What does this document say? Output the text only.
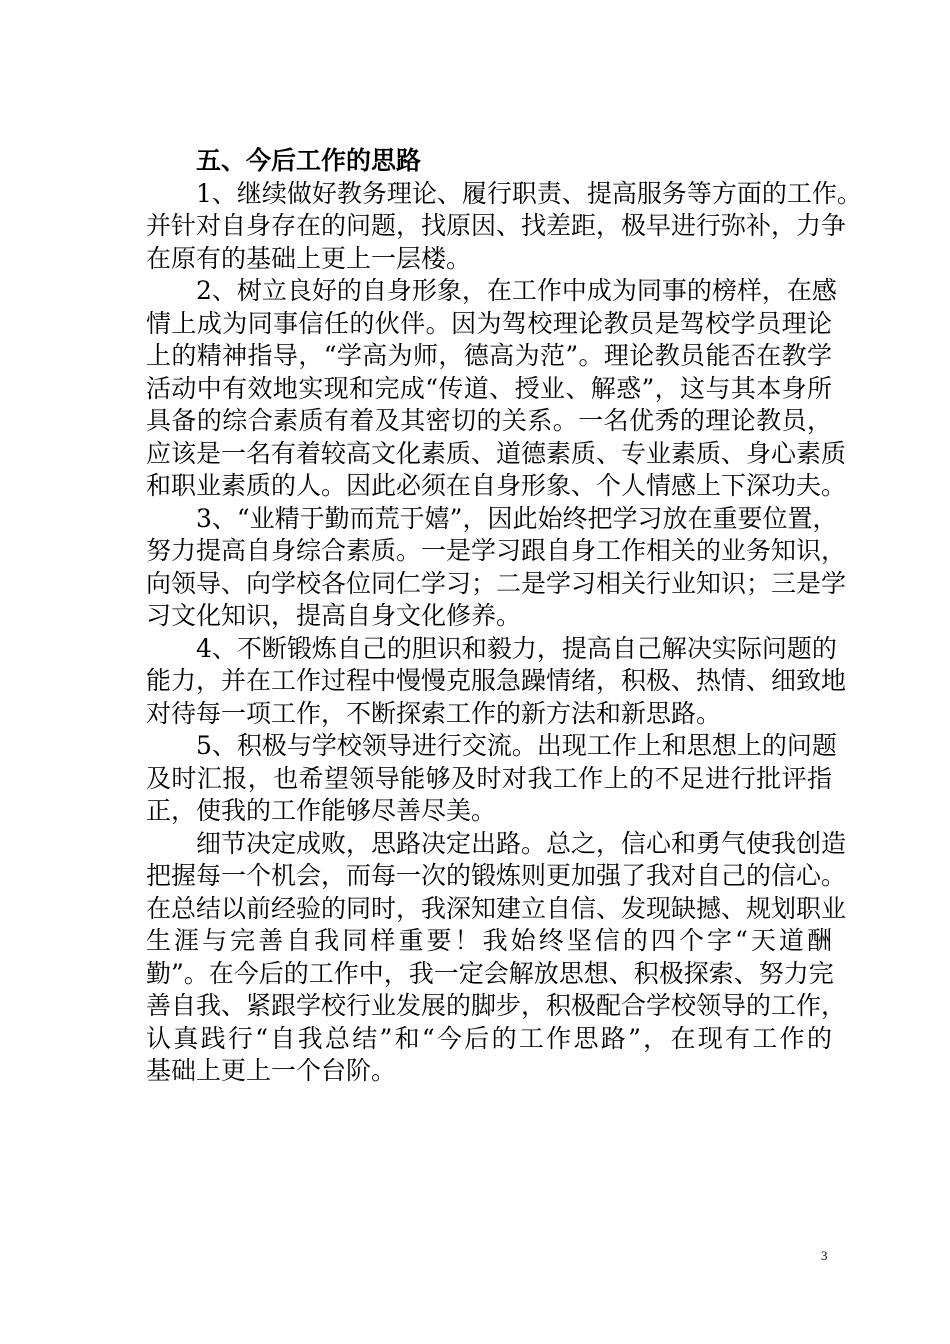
五、今后工作的思路
1、继续做好教务理论、履行职责、提高服务等方面的工作。
并针对自身存在的问题，找原因、找差距，极早进行弥补，力争
在原有的基础上更上一层楼。
2、树立良好的自身形象，在工作中成为同事的榜样，在感
情上成为同事信任的伙伴。因为驾校理论教员是驾校学员理论
上的精神指导，“学高为师，德高为范”。理论教员能否在教学
活动中有效地实现和完成“传道、授业、解惑”，这与其本身所
具备的综合素质有着及其密切的关系。一名优秀的理论教员，
应该是一名有着较高文化素质、道德素质、专业素质、身心素质
和职业素质的人。因此必须在自身形象、个人情感上下深功夫。
3、“业精于勤而荒于嬉”，因此始终把学习放在重要位置，
努力提高自身综合素质。一是学习跟自身工作相关的业务知识，
向领导、向学校各位同仁学习；二是学习相关行业知识；三是学
习文化知识，提高自身文化修养。
4、不断锻炼自己的胆识和毅力，提高自己解决实际问题的
能力，并在工作过程中慢慢克服急躁情绪，积极、热情、细致地
对待每一项工作，不断探索工作的新方法和新思路。
5、积极与学校领导进行交流。出现工作上和思想上的问题
及时汇报，也希望领导能够及时对我工作上的不足进行批评指
正，使我的工作能够尽善尽美。
细节决定成败，思路决定出路。总之，信心和勇气使我创造
把握每一个机会，而每一次的锻炼则更加强了我对自己的信心。
在总结以前经验的同时，我深知建立自信、发现缺撼、规划职业
生涯与完善自我同样重要！我始终坚信的四个字“天道酬
勤”。在今后的工作中，我一定会解放思想、积极探索、努力完
善自我、紧跟学校行业发展的脚步，积极配合学校领导的工作，
认真践行“自我总结”和“今后的工作思路”，在现有工作的
基础上更上一个台阶。
3
